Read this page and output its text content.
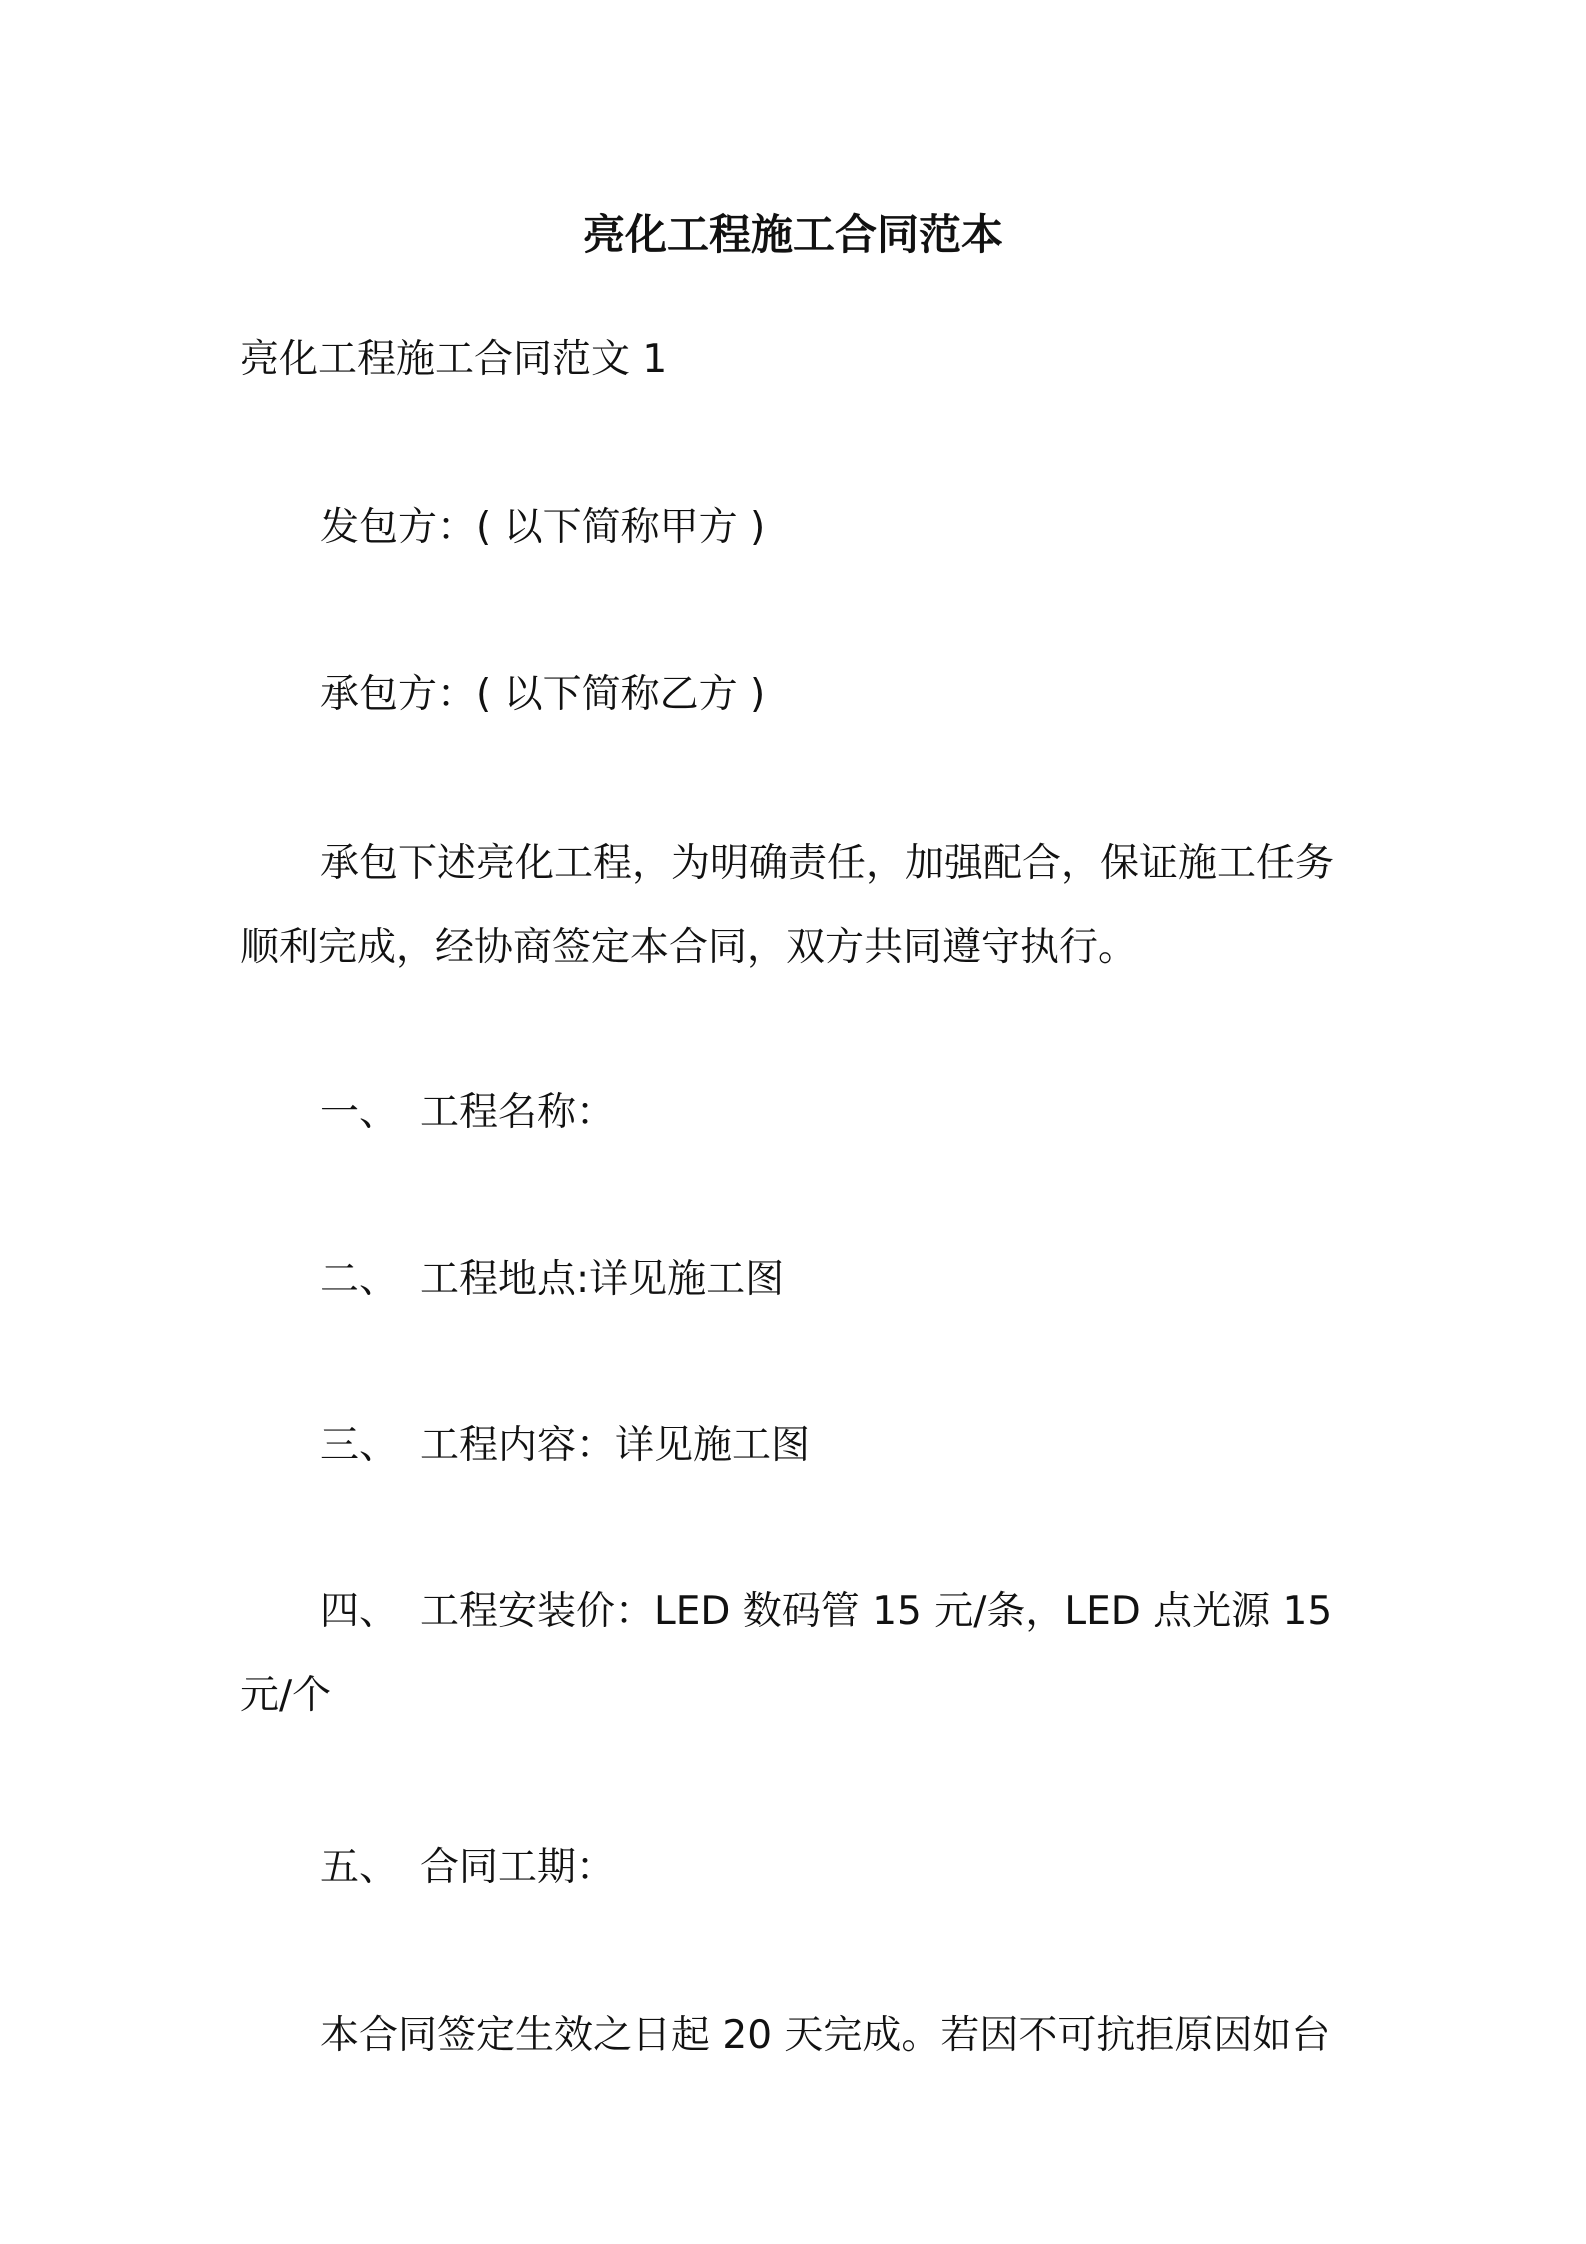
亮化工程施工合同范本
亮化工程施工合同范文 1
发包方：( 以下简称甲方 )
承包方：( 以下简称乙方 )
承包下述亮化工程，为明确责任，加强配合，保证施工任务顺利完成，经协商签定本合同，双方共同遵守执行。
一、 工程名称：
二、 工程地点:详见施工图
三、 工程内容：详见施工图
四、 工程安装价：LED 数码管 15 元/条，LED 点光源 15 元/个
五、 合同工期：
本合同签定生效之日起 20 天完成。若因不可抗拒原因如台
